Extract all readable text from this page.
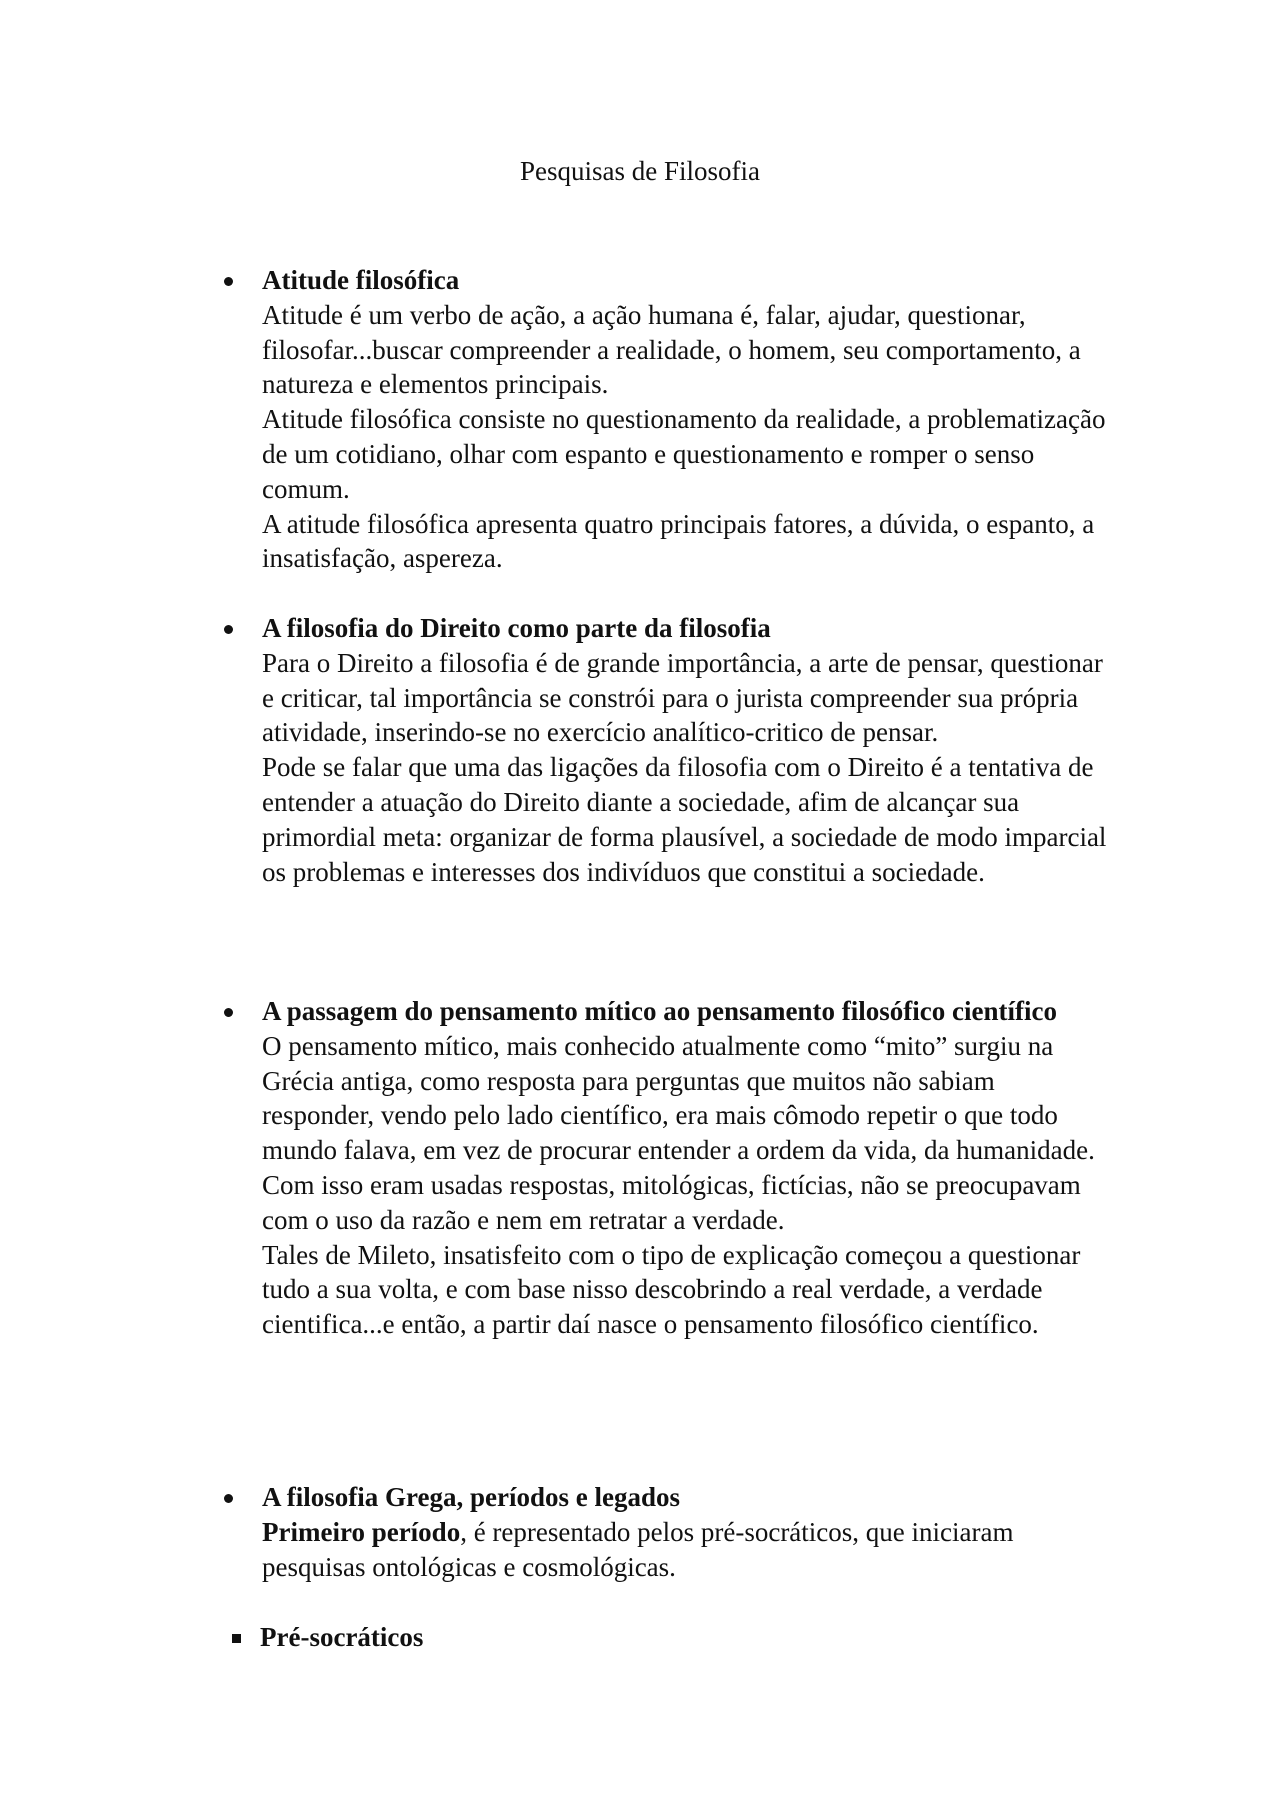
Pesquisas de Filosofia

Atitude filosófica

Atitude é um verbo de ação, a ação humana é, falar, ajudar, questionar, filosofar...buscar compreender a realidade, o homem, seu comportamento, a natureza e elementos principais.

Atitude filosófica consiste no questionamento da realidade, a problematização de um cotidiano, olhar com espanto e questionamento e romper o senso comum.

A atitude filosófica apresenta quatro principais fatores, a dúvida, o espanto, a insatisfação, aspereza.

A filosofia do Direito como parte da filosofia

Para o Direito a filosofia é de grande importância, a arte de pensar, questionar e criticar, tal importância se constrói para o jurista compreender sua própria atividade, inserindo-se no exercício analítico-critico de pensar.

Pode se falar que uma das ligações da filosofia com o Direito é a tentativa de entender a atuação do Direito diante a sociedade, afim de alcançar sua primordial meta: organizar de forma plausível, a sociedade de modo imparcial os problemas e interesses dos indivíduos que constitui a sociedade.

A passagem do pensamento mítico ao pensamento filosófico científico

O pensamento mítico, mais conhecido atualmente como “mito” surgiu na Grécia antiga, como resposta para perguntas que muitos não sabiam responder, vendo pelo lado científico, era mais cômodo repetir o que todo mundo falava, em vez de procurar entender a ordem da vida, da humanidade. Com isso eram usadas respostas, mitológicas, fictícias, não se preocupavam com o uso da razão e nem em retratar a verdade.

Tales de Mileto, insatisfeito com o tipo de explicação começou a questionar tudo a sua volta, e com base nisso descobrindo a real verdade, a verdade cientifica...e então, a partir daí nasce o pensamento filosófico científico.

A filosofia Grega, períodos e legados

Primeiro período, é representado pelos pré-socráticos, que iniciaram pesquisas ontológicas e cosmológicas.

Pré-socráticos
